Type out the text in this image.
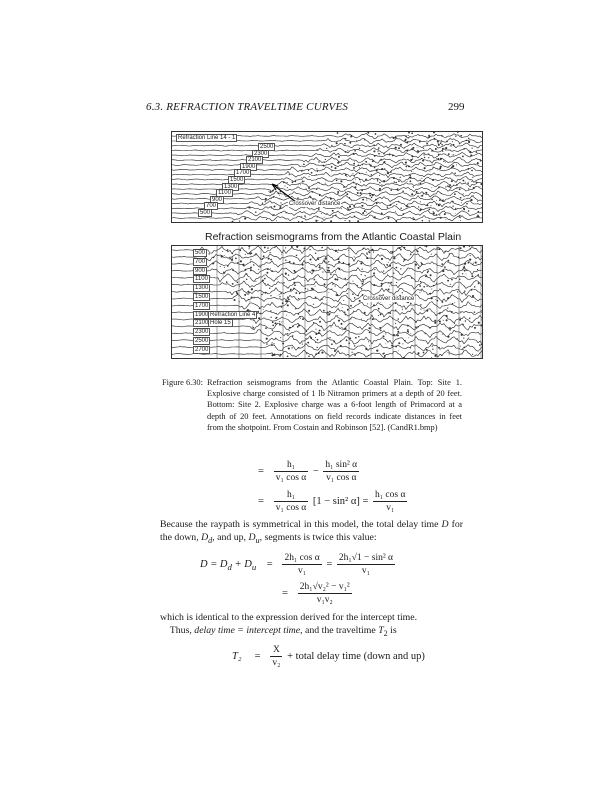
6.3. REFRACTION TRAVELTIME CURVES	299
Refraction Line 14 - 1
2500
2300
2100
1900
1700
1500
1300
1100
900
700
500
Crossover distance
Refraction seismograms from the Atlantic Coastal Plain
500
700
900
1100
1300
1500
1700
1900
2100
2300
2500
2700
Refraction Line 4
Hole 15
Crossover distance
Figure 6.30: Refraction seismograms from the Atlantic Coastal Plain. Top: Site 1. Explosive charge consisted of 1 lb Nitramon primers at a depth of 20 feet. Bottom: Site 2. Explosive charge was a 6-foot length of Primacord at a depth of 20 feet. Annotations on field records indicate distances in feet from the shotpoint. From Costain and Robinson [52]. (CandR1.bmp)
= $\frac{\text{h₁}}{\text{v₁ cos α}} - \frac{\text{h₁ sin² α}}{\text{v₁ cos α}}$
= $\frac{\text{h₁}}{\text{v₁ cos α}} [1 - \sin^2$ $\alpha] = \frac{\text{h₁ cos α}}{\text{v₁}}$
Because the raypath is symmetrical in this model, the total delay time D for the down, $D_d$, and up, $D_u$, segments is twice this value:
$D = D_d + D_u = \frac{\text{2h₁ cos α}}{\text{v₁}} = \frac{\text{2h₁√1 − sin² α}}{\text{v₁}}$
= $\frac{\text{2h₁√v₂² − v₁²}}{\text{v₁v₂}}$
which is identical to the expression derived for the intercept time.
Thus, delay time = intercept time, and the traveltime $T_2$ is
$T_2 = \frac{X}{\text{v₂}}$ + total delay time (down and up)
